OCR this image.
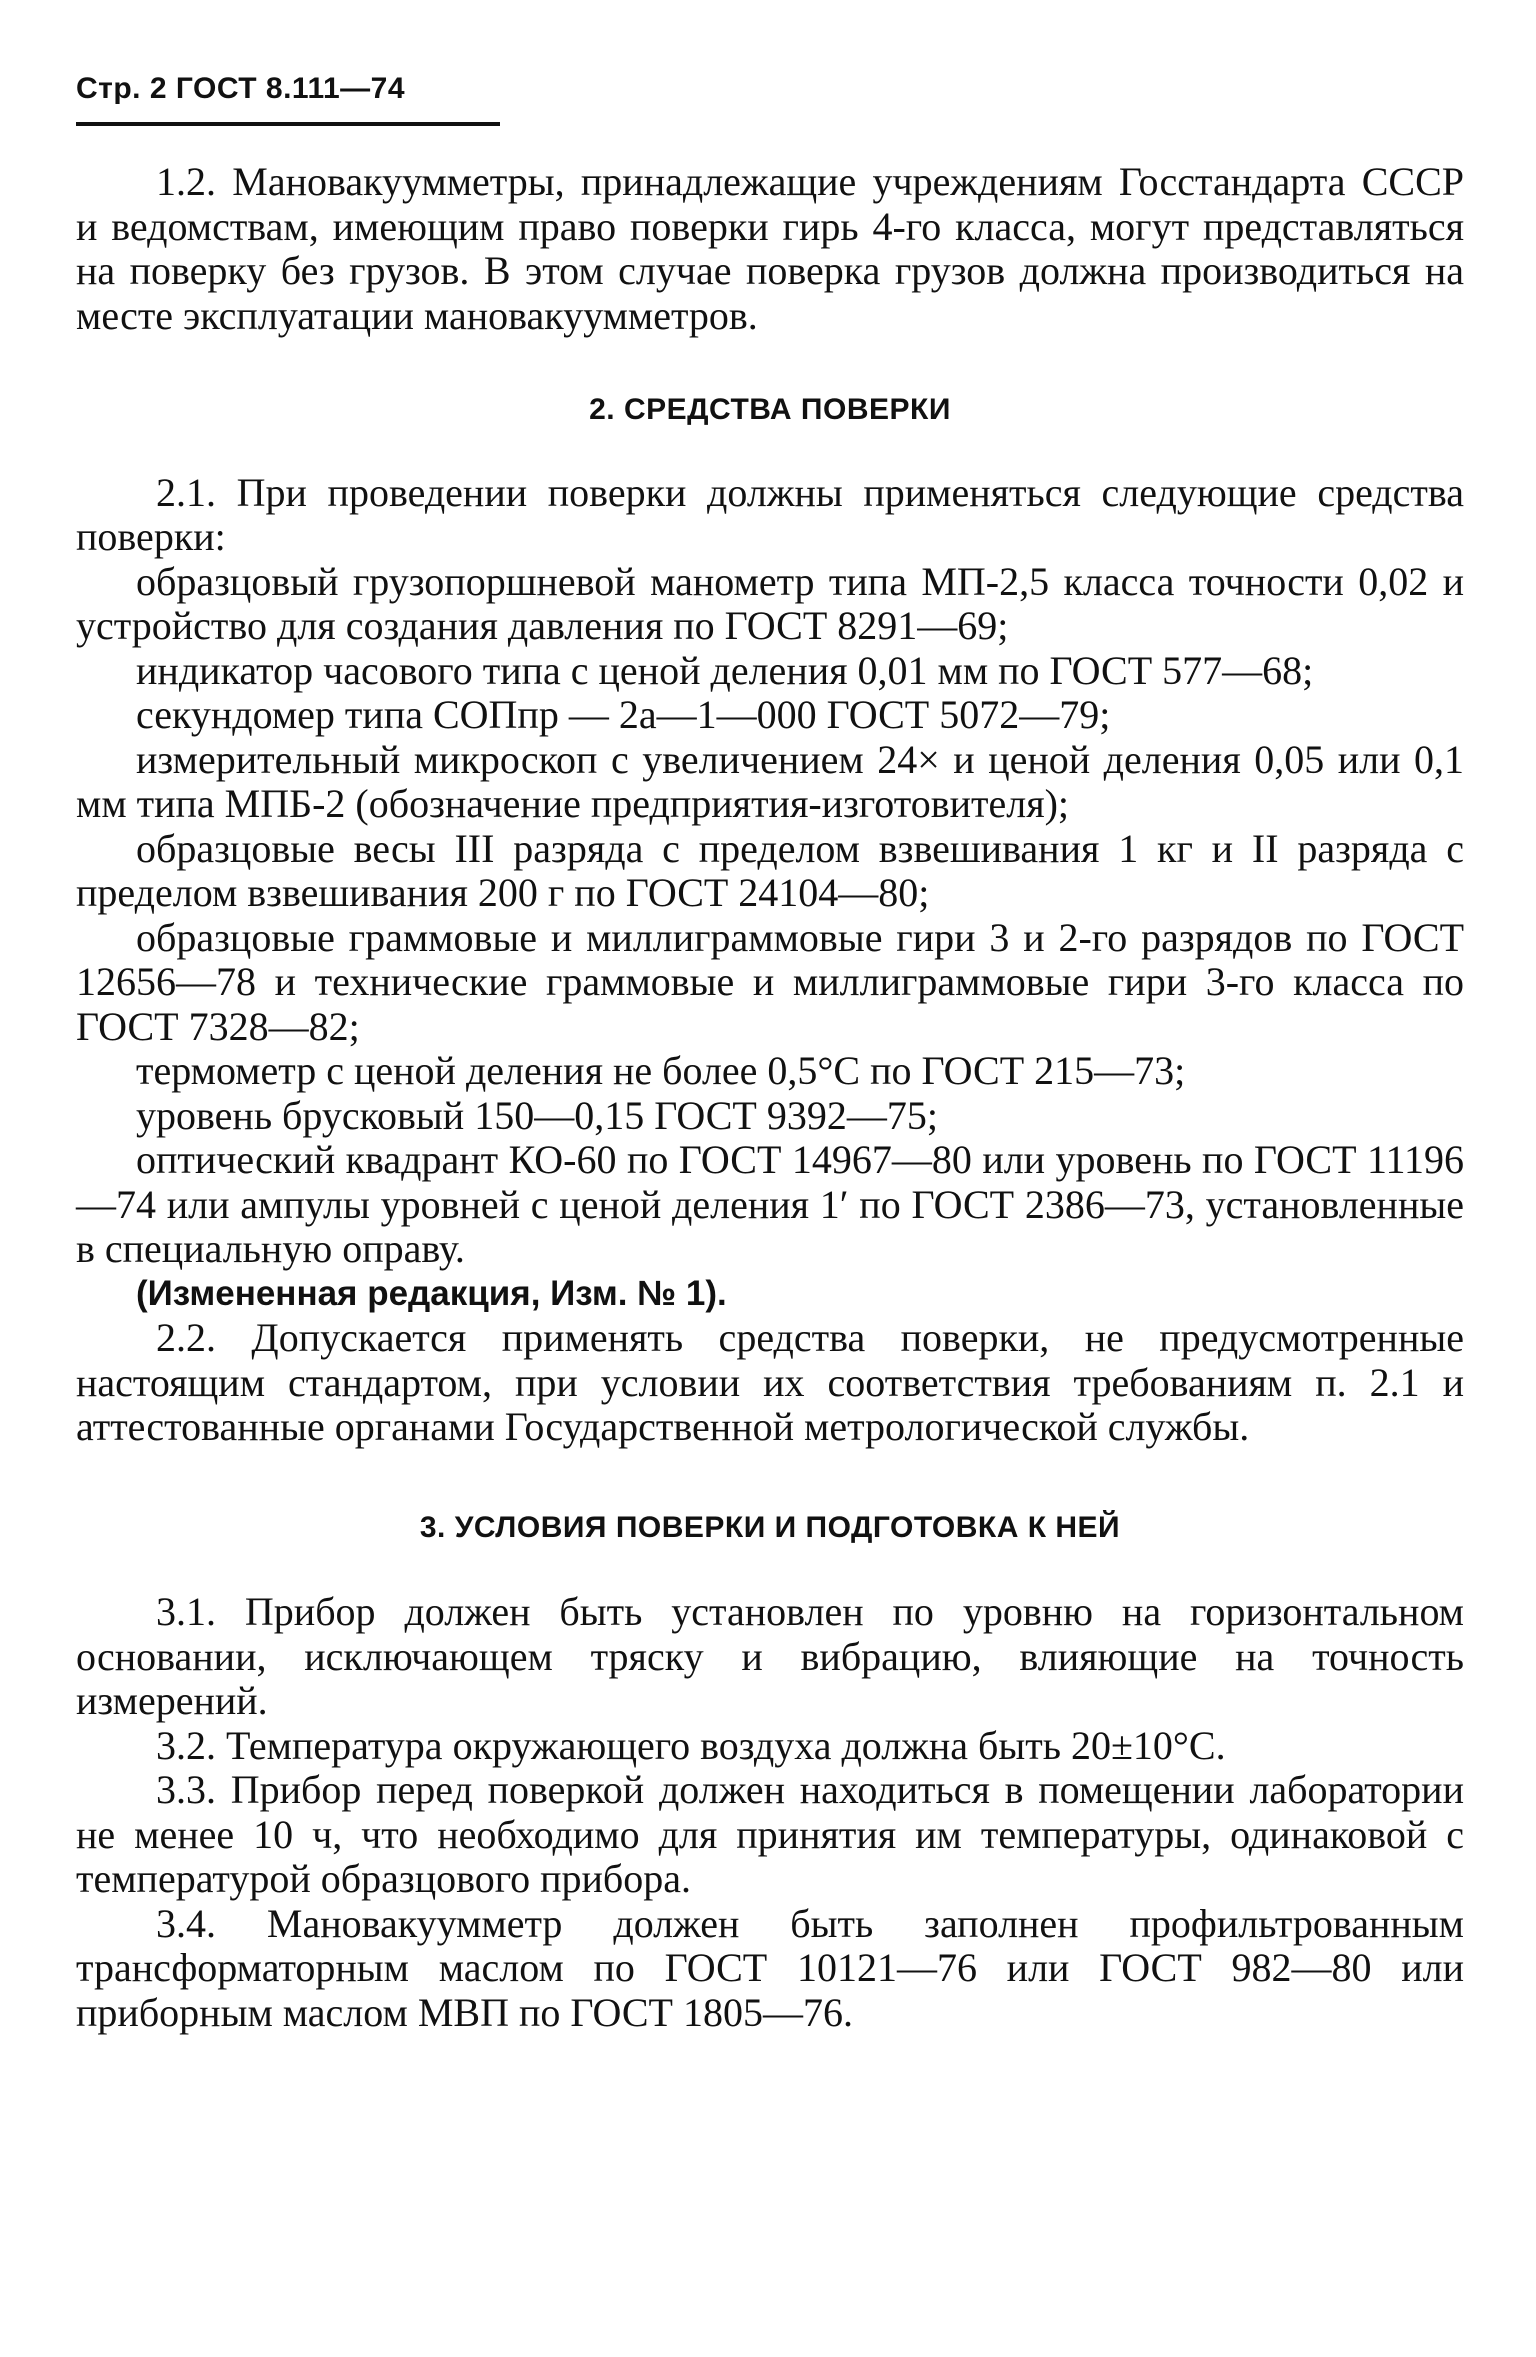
Стр. 2 ГОСТ 8.111—74

1.2. Мановакуумметры, принадлежащие учреждениям Госстандарта СССР и ведомствам, имеющим право поверки гирь 4-го класса, могут представляться на поверку без грузов. В этом случае поверка грузов должна производиться на месте эксплуатации мановакуумметров.

2. СРЕДСТВА ПОВЕРКИ

2.1. При проведении поверки должны применяться следующие средства поверки:

образцовый грузопоршневой манометр типа МП-2,5 класса точности 0,02 и устройство для создания давления по ГОСТ 8291—69;

индикатор часового типа с ценой деления 0,01 мм по ГОСТ 577—68;

секундомер типа СОПпр — 2а—1—000 ГОСТ 5072—79;

измерительный микроскоп с увеличением 24× и ценой деления 0,05 или 0,1 мм типа МПБ-2 (обозначение предприятия-изготовителя);

образцовые весы III разряда с пределом взвешивания 1 кг и II разряда с пределом взвешивания 200 г по ГОСТ 24104—80;

образцовые граммовые и миллиграммовые гири 3 и 2-го разрядов по ГОСТ 12656—78 и технические граммовые и миллиграммовые гири 3-го класса по ГОСТ 7328—82;

термометр с ценой деления не более 0,5°С по ГОСТ 215—73;

уровень брусковый 150—0,15 ГОСТ 9392—75;

оптический квадрант КО-60 по ГОСТ 14967—80 или уровень по ГОСТ 11196—74 или ампулы уровней с ценой деления 1′ по ГОСТ 2386—73, установленные в специальную оправу.

(Измененная редакция, Изм. № 1).

2.2. Допускается применять средства поверки, не предусмотренные настоящим стандартом, при условии их соответствия требованиям п. 2.1 и аттестованные органами Государственной метрологической службы.

3. УСЛОВИЯ ПОВЕРКИ И ПОДГОТОВКА К НЕЙ

3.1. Прибор должен быть установлен по уровню на горизонтальном основании, исключающем тряску и вибрацию, влияющие на точность измерений.

3.2. Температура окружающего воздуха должна быть 20±10°С.

3.3. Прибор перед поверкой должен находиться в помещении лаборатории не менее 10 ч, что необходимо для принятия им температуры, одинаковой с температурой образцового прибора.

3.4. Мановакуумметр должен быть заполнен профильтрованным трансформаторным маслом по ГОСТ 10121—76 или ГОСТ 982—80 или приборным маслом МВП по ГОСТ 1805—76.
